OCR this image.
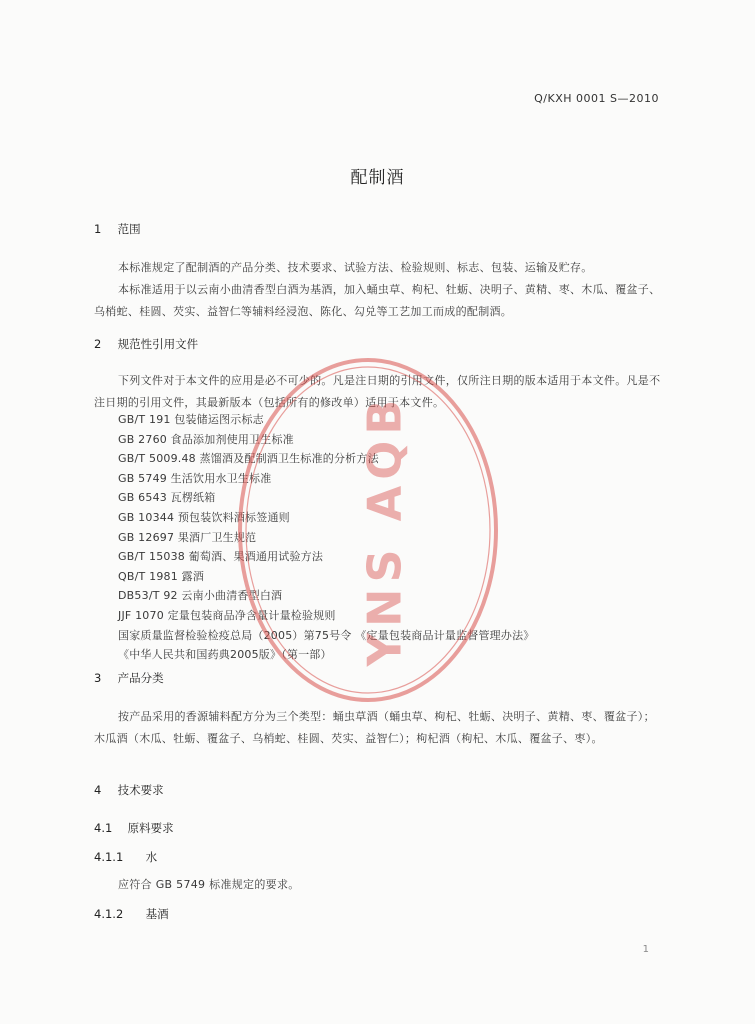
Q/KXH 0001 S—2010
配制酒
1 范围
本标准规定了配制酒的产品分类、技术要求、试验方法、检验规则、标志、包装、运输及贮存。
本标准适用于以云南小曲清香型白酒为基酒，加入蛹虫草、枸杞、牡蛎、决明子、黄精、枣、木瓜、覆盆子、乌梢蛇、桂圆、芡实、益智仁等辅料经浸泡、陈化、勾兑等工艺加工而成的配制酒。
2 规范性引用文件
下列文件对于本文件的应用是必不可少的。凡是注日期的引用文件，仅所注日期的版本适用于本文件。凡是不注日期的引用文件，其最新版本（包括所有的修改单）适用于本文件。
GB/T 191 包装储运图示标志
GB 2760 食品添加剂使用卫生标准
GB/T 5009.48 蒸馏酒及配制酒卫生标准的分析方法
GB 5749 生活饮用水卫生标准
GB 6543 瓦楞纸箱
GB 10344 预包装饮料酒标签通则
GB 12697 果酒厂卫生规范
GB/T 15038 葡萄酒、果酒通用试验方法
QB/T 1981 露酒
DB53/T 92 云南小曲清香型白酒
JJF 1070 定量包装商品净含量计量检验规则
国家质量监督检验检疫总局（2005）第75号令 《定量包装商品计量监督管理办法》
《中华人民共和国药典2005版》（第一部）
3 产品分类
按产品采用的香源辅料配方分为三个类型：蛹虫草酒（蛹虫草、枸杞、牡蛎、决明子、黄精、枣、覆盆子）；木瓜酒（木瓜、牡蛎、覆盆子、乌梢蛇、桂圆、芡实、益智仁）；枸杞酒（枸杞、木瓜、覆盆子、枣）。
4 技术要求
4.1 原料要求
4.1.1 水
应符合 GB 5749 标准规定的要求。
4.1.2 基酒
1
YNS AQB
